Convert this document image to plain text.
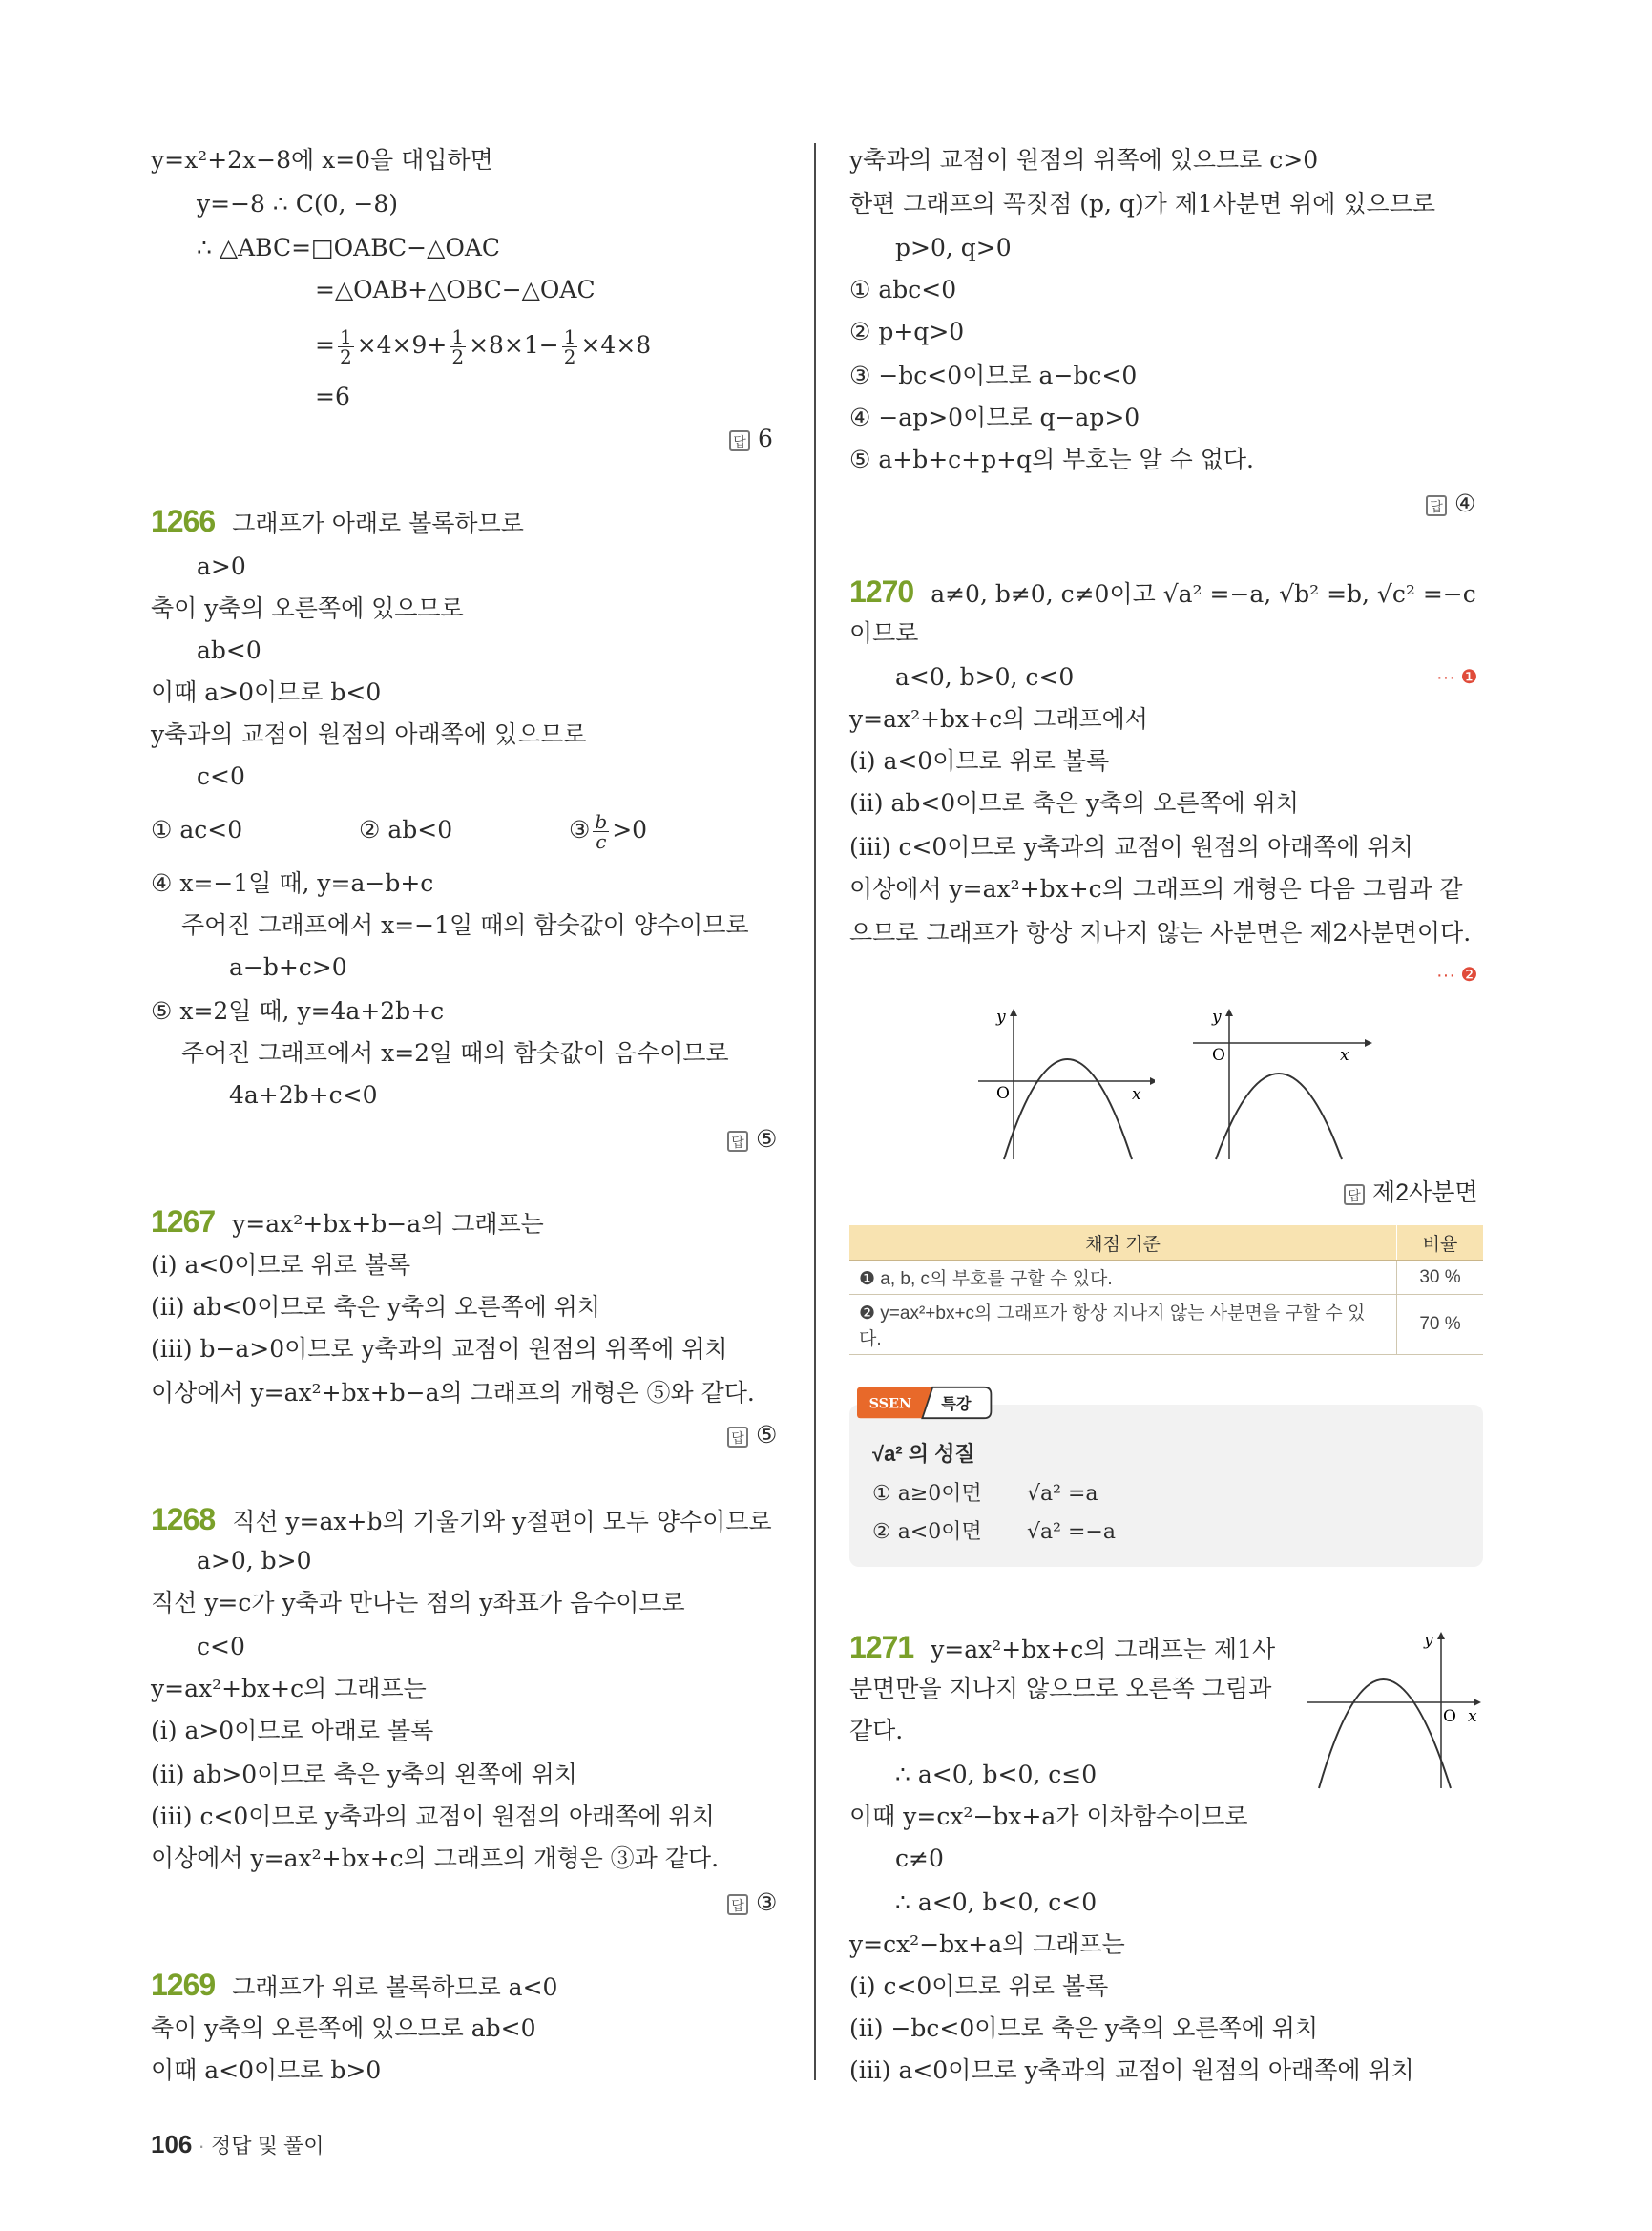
y=x²+2x−8에 x=0을 대입하면
y=−8 ∴ C(0, −8)
∴ △ABC=□OABC−△OAC
=△OAB+△OBC−△OAC
= $\frac{1}{2} \times 4\times 9+ \frac{1}{2} \times 8\times 1- \frac{1}{2} \times 4\times 8$
=6
답 6
1266 그래프가 아래로 볼록하므로
a>0
축이 y축의 오른쪽에 있으므로
ab<0
이때 a>0이므로 b<0
y축과의 교점이 원점의 아래쪽에 있으므로
c<0
① ac<0	② ab<0	③ $\frac{b}{c} >0$
④ x=−1일 때, y=a−b+c
주어진 그래프에서 x=−1일 때의 함숫값이 양수이므로
a−b+c>0
⑤ x=2일 때, y=4a+2b+c
주어진 그래프에서 x=2일 때의 함숫값이 음수이므로
4a+2b+c<0
답 ⑤
1267 y=ax²+bx+b−a의 그래프는
(ⅰ) a<0이므로 위로 볼록
(ⅱ) ab<0이므로 축은 y축의 오른쪽에 위치
(ⅲ) b−a>0이므로 y축과의 교점이 원점의 위쪽에 위치
이상에서 y=ax²+bx+b−a의 그래프의 개형은 ⑤와 같다.
답 ⑤
1268 직선 y=ax+b의 기울기와 y절편이 모두 양수이므로
a>0, b>0
직선 y=c가 y축과 만나는 점의 y좌표가 음수이므로
c<0
y=ax²+bx+c의 그래프는
(ⅰ) a>0이므로 아래로 볼록
(ⅱ) ab>0이므로 축은 y축의 왼쪽에 위치
(ⅲ) c<0이므로 y축과의 교점이 원점의 아래쪽에 위치
이상에서 y=ax²+bx+c의 그래프의 개형은 ③과 같다.
답 ③
1269 그래프가 위로 볼록하므로 a<0
축이 y축의 오른쪽에 있으므로 ab<0
이때 a<0이므로 b>0
y축과의 교점이 원점의 위쪽에 있으므로 c>0
한편 그래프의 꼭짓점 (p, q)가 제1사분면 위에 있으므로
p>0, q>0
① abc<0
② p+q>0
③ −bc<0이므로 a−bc<0
④ −ap>0이므로 q−ap>0
⑤ a+b+c+p+q의 부호는 알 수 없다.
답 ④
1270 a≠0, b≠0, c≠0이고 √a² =−a, √b² =b, √c² =−c
이므로
a<0, b>0, c<0	··· ❶
y=ax²+bx+c의 그래프에서
(ⅰ) a<0이므로 위로 볼록
(ⅱ) ab<0이므로 축은 y축의 오른쪽에 위치
(ⅲ) c<0이므로 y축과의 교점이 원점의 아래쪽에 위치
이상에서 y=ax²+bx+c의 그래프의 개형은 다음 그림과 같
으므로 그래프가 항상 지나지 않는 사분면은 제2사분면이다.
··· ❷
y
x
O
y
x
O
답 제2사분면
채점 기준	비율
❶ a, b, c의 부호를 구할 수 있다.	30 %
❷ y=ax²+bx+c의 그래프가 항상 지나지 않는 사분면을 구할 수 있다.	70 %
SSEN 특강
√a² 의 성질
① a≥0이면 √a² =a
② a<0이면 √a² =−a
1271 y=ax²+bx+c의 그래프는 제1사
분면만을 지나지 않으므로 오른쪽 그림과
같다.
∴ a<0, b<0, c≤0
이때 y=cx²−bx+a가 이차함수이므로
c≠0
∴ a<0, b<0, c<0
y=cx²−bx+a의 그래프는
(ⅰ) c<0이므로 위로 볼록
(ⅱ) −bc<0이므로 축은 y축의 오른쪽에 위치
(ⅲ) a<0이므로 y축과의 교점이 원점의 아래쪽에 위치
y
x
O
106 · 정답 및 풀이
